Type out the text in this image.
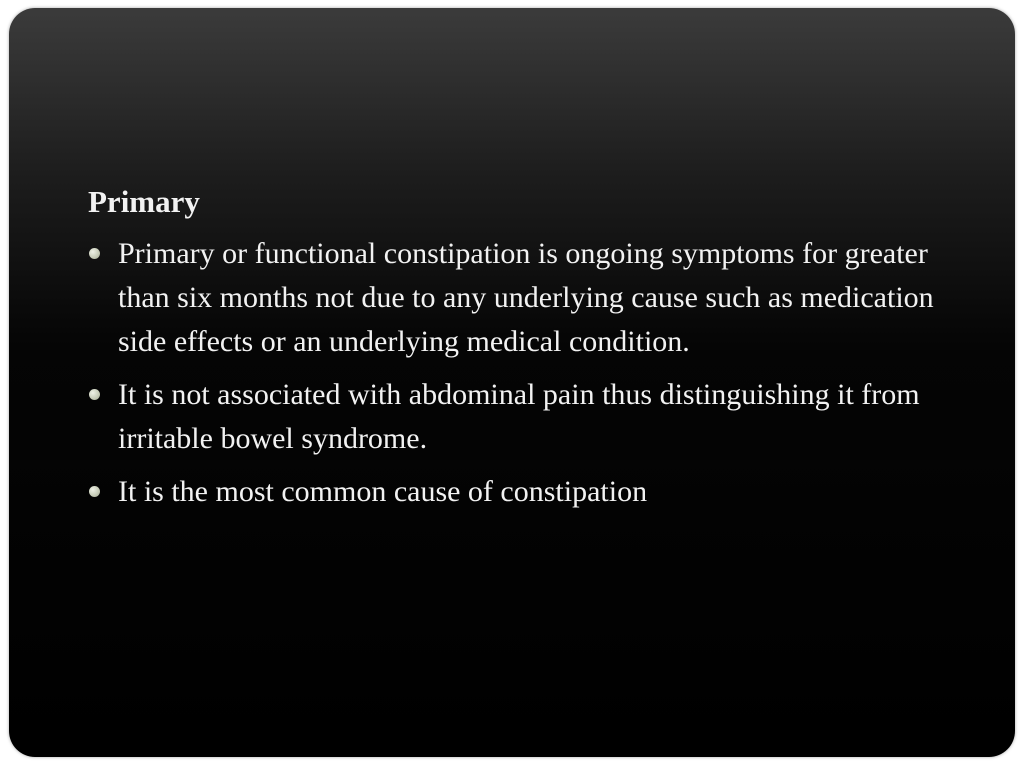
Primary
Primary or functional constipation is ongoing symptoms for greater than six months not due to any underlying cause such as medication side effects or an underlying medical condition.
It is not associated with abdominal pain thus distinguishing it from irritable bowel syndrome.
It is the most common cause of constipation
